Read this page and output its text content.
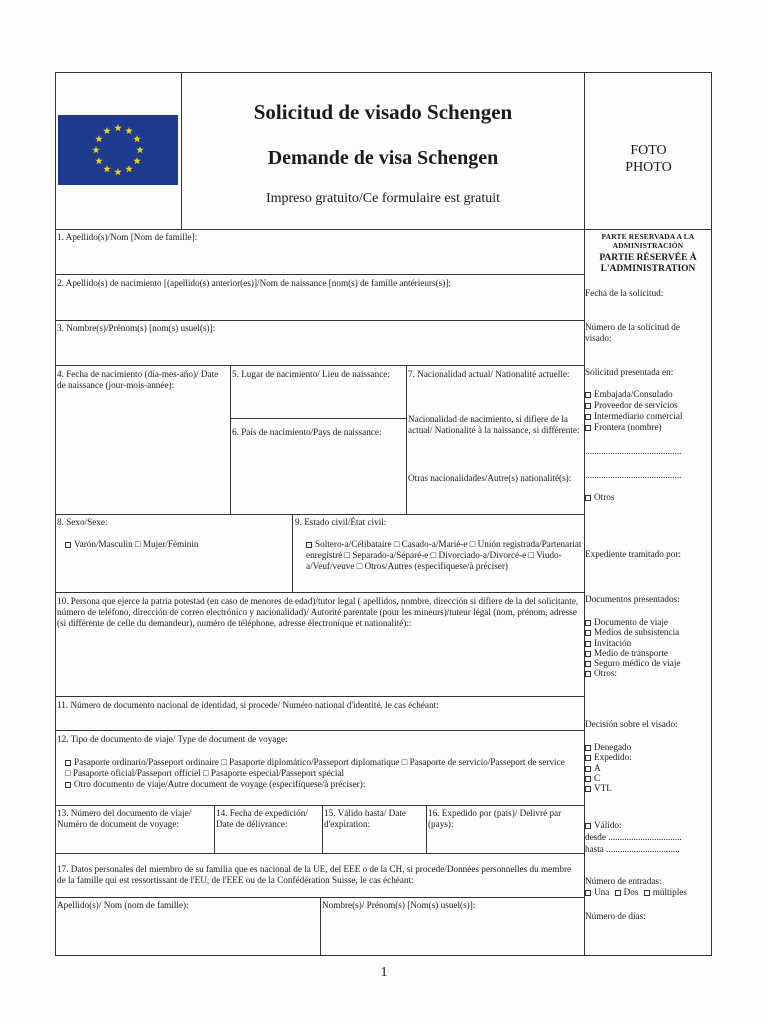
Solicitud de visado Schengen
Demande de visa Schengen
Impreso gratuito/Ce formulaire est gratuit
FOTO
PHOTO
PARTE RESERVADA A LA ADMINISTRACIÓN
PARTIE RÉSERVÉE À L'ADMINISTRATION
Fecha de la solicitud:
Número de la solicitud de visado:
Solicitud presentada en:
Embajada/Consulado
Proveedor de servicios
Intermediario comercial
Frontera (nombre)
..........................................
..........................................
Otros
Expediente tramitado por:
Documentos presentados:
Documento de viaje
Medios de subsistencia
Invitación
Medio de transporte
Seguro médico de viaje
Otros:
Decisión sobre el visado:
Denegado
Expedido:
A
C
VTL
Válido:
desde ................................
hasta ................................
Número de entradas:
Una Dos múltiples
Número de días:
1. Apellido(s)/Nom [Nom de famille]:
2. Apellido(s) de nacimiento [(apellido(s) anterior(es)]/Nom de naissance [nom(s) de famille antérieurs(s)]:
3. Nombre(s)/Prénom(s) [nom(s) usuel(s)]:
4. Fecha de nacimiento (día-mes-año)/ Date de naissance (jour-mois-année):
5. Lugar de nacimiento/ Lieu de naissance:
6. País de nacimiento/Pays de naissance:
7. Nacionalidad actual/ Nationalité actuelle:
Nacionalidad de nacimiento, si difiere de la actual/ Nationalité à la naissance, si différente:
Otras nacionalidades/Autre(s) nationalité(s):
8. Sexo/Sexe:
Varón/Masculin □ Mujer/Féminin
9. Estado civil/État civil:
Soltero-a/Célibataire □ Casado-a/Marié-e □ Unión registrada/Partenariat enregistré □ Separado-a/Séparé-e □ Divorciado-a/Divorcé-e □ Viudo-a/Veuf/veuve □ Otros/Autres (especifíquese/à préciser)
10. Persona que ejerce la patria potestad (en caso de menores de edad)/tutor legal ( apellidos, nombre, dirección si difiere de la del solicitante, número de teléfono, dirección de correo electrónico y nacionalidad)/ Autorité parentale (pour les mineurs)/tuteur légal (nom, prénom, adresse (si différente de celle du demandeur), numéro de téléphone, adresse électronique et nationalité)::
11. Número de documento nacional de identidad, si procede/ Numéro national d'identité, le cas échéant:
12. Tipo de documento de viaje/ Type de document de voyage:
Pasaporte ordinario/Passeport ordinaire □ Pasaporte diplomático/Passeport diplomatique □ Pasaporte de servicio/Passeport de service □ Pasaporte oficial/Passeport officiel □ Pasaporte especial/Passeport spécial
Otro documento de viaje/Autre document de voyage (especifíquese/à préciser):
13. Número del documento de viaje/ Numéro de document de voyage:
14. Fecha de expedición/ Date de délivrance:
15. Válido hasta/ Date d'expiration:
16. Expedido por (país)/ Delivré par (pays):
17. Datos personales del miembro de su familia que es nacional de la UE, del EEE o de la CH, si procede/Données personnelles du membre de la famille qui est ressortissant de l'EU, de l'EEE ou de la Confédération Suisse, le cas échéant:
Apellido(s)/ Nom (nom de famille):	Nombre(s)/ Prénom(s) [Nom(s) usuel(s)]:
1
